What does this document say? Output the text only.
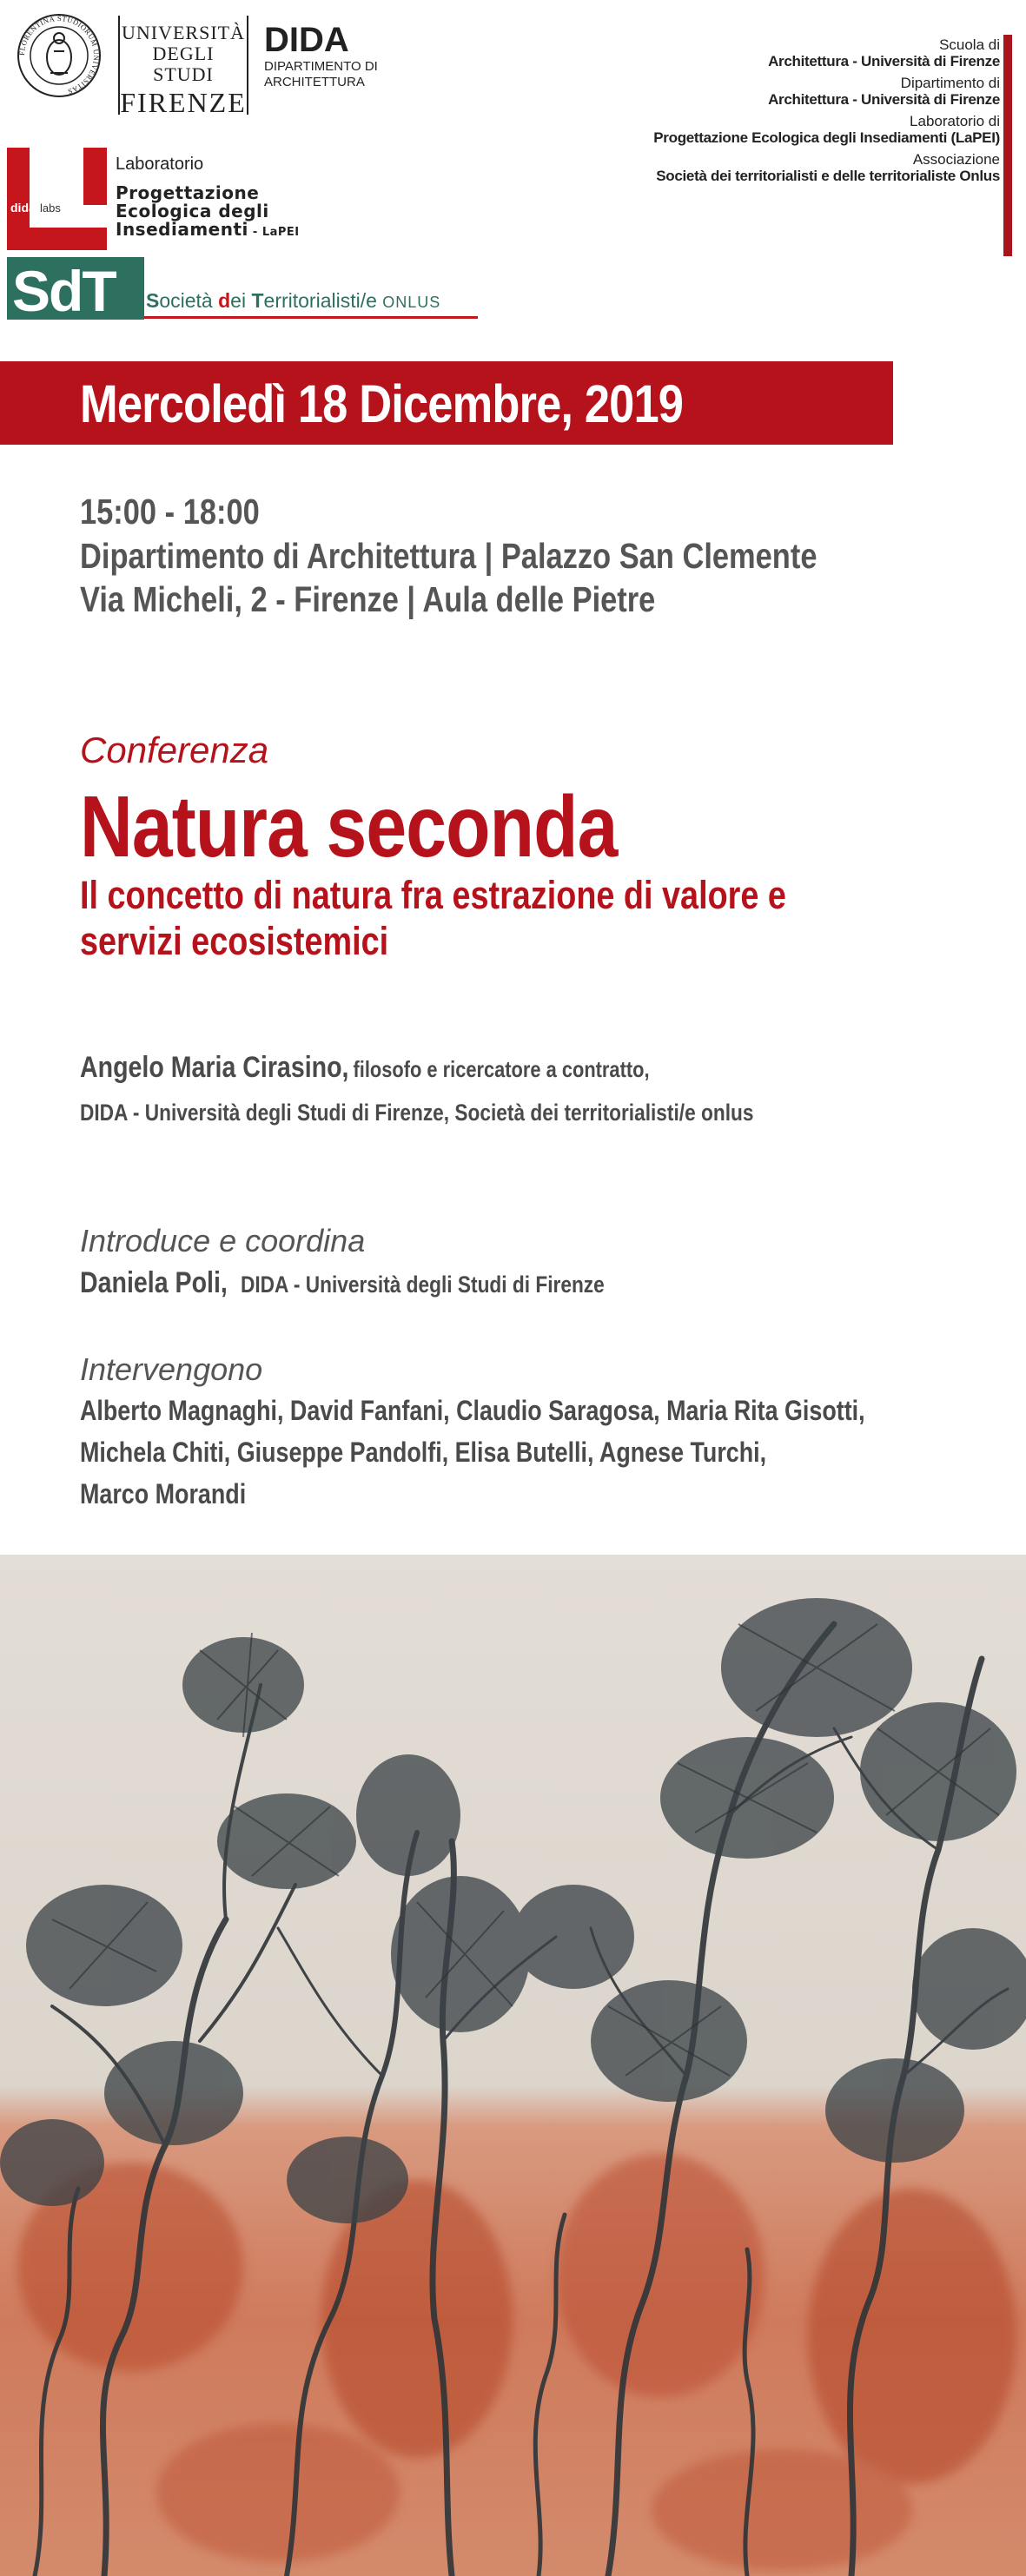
FLORENTINA STUDIORUM UNIVERSITAS
UNIVERSITÀ
DEGLI STUDI
FIRENZE
DIDA
DIPARTIMENTO DI
ARCHITETTURA
Scuola di
Architettura - Università di Firenze
Dipartimento di
Architettura - Università di Firenze
Laboratorio di
Progettazione Ecologica degli Insediamenti (LaPEI)
Associazione
Società dei territorialisti e delle territorialiste Onlus
dida labs
Laboratorio
Progettazione
Ecologica degli
Insediamenti - LaPEI
SdT Società dei Territorialisti/e ONLUS
Mercoledì 18 Dicembre, 2019
15:00 - 18:00
Dipartimento di Architettura | Palazzo San Clemente
Via Micheli, 2 - Firenze | Aula delle Pietre
Conferenza
Natura seconda
Il concetto di natura fra estrazione di valore e
servizi ecosistemici
Angelo Maria Cirasino, filosofo e ricercatore a contratto,
DIDA - Università degli Studi di Firenze, Società dei territorialisti/e onlus
Introduce e coordina
Daniela Poli, DIDA - Università degli Studi di Firenze
Intervengono
Alberto Magnaghi, David Fanfani, Claudio Saragosa, Maria Rita Gisotti,
Michela Chiti, Giuseppe Pandolfi, Elisa Butelli, Agnese Turchi,
Marco Morandi
